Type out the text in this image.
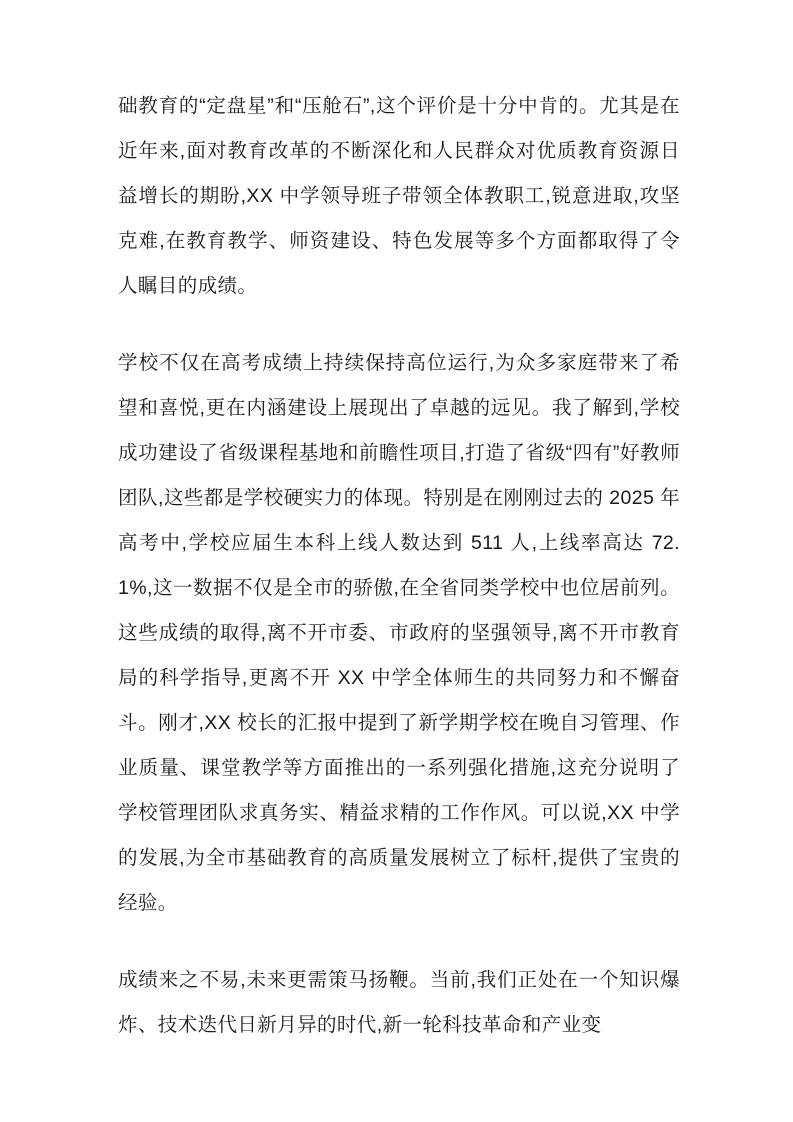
础教育的“定盘星”和“压舱石”,这个评价是十分中肯的。尤其是在近年来,面对教育改革的不断深化和人民群众对优质教育资源日益增长的期盼,XX 中学领导班子带领全体教职工,锐意进取,攻坚克难,在教育教学、师资建设、特色发展等多个方面都取得了令人瞩目的成绩。

学校不仅在高考成绩上持续保持高位运行,为众多家庭带来了希望和喜悦,更在内涵建设上展现出了卓越的远见。我了解到,学校成功建设了省级课程基地和前瞻性项目,打造了省级“四有”好教师团队,这些都是学校硬实力的体现。特别是在刚刚过去的 2025 年高考中,学校应届生本科上线人数达到 511 人,上线率高达 72.1%,这一数据不仅是全市的骄傲,在全省同类学校中也位居前列。这些成绩的取得,离不开市委、市政府的坚强领导,离不开市教育局的科学指导,更离不开 XX 中学全体师生的共同努力和不懈奋斗。刚才,XX 校长的汇报中提到了新学期学校在晚自习管理、作业质量、课堂教学等方面推出的一系列强化措施,这充分说明了学校管理团队求真务实、精益求精的工作作风。可以说,XX 中学的发展,为全市基础教育的高质量发展树立了标杆,提供了宝贵的经验。

成绩来之不易,未来更需策马扬鞭。当前,我们正处在一个知识爆炸、技术迭代日新月异的时代,新一轮科技革命和产业变
